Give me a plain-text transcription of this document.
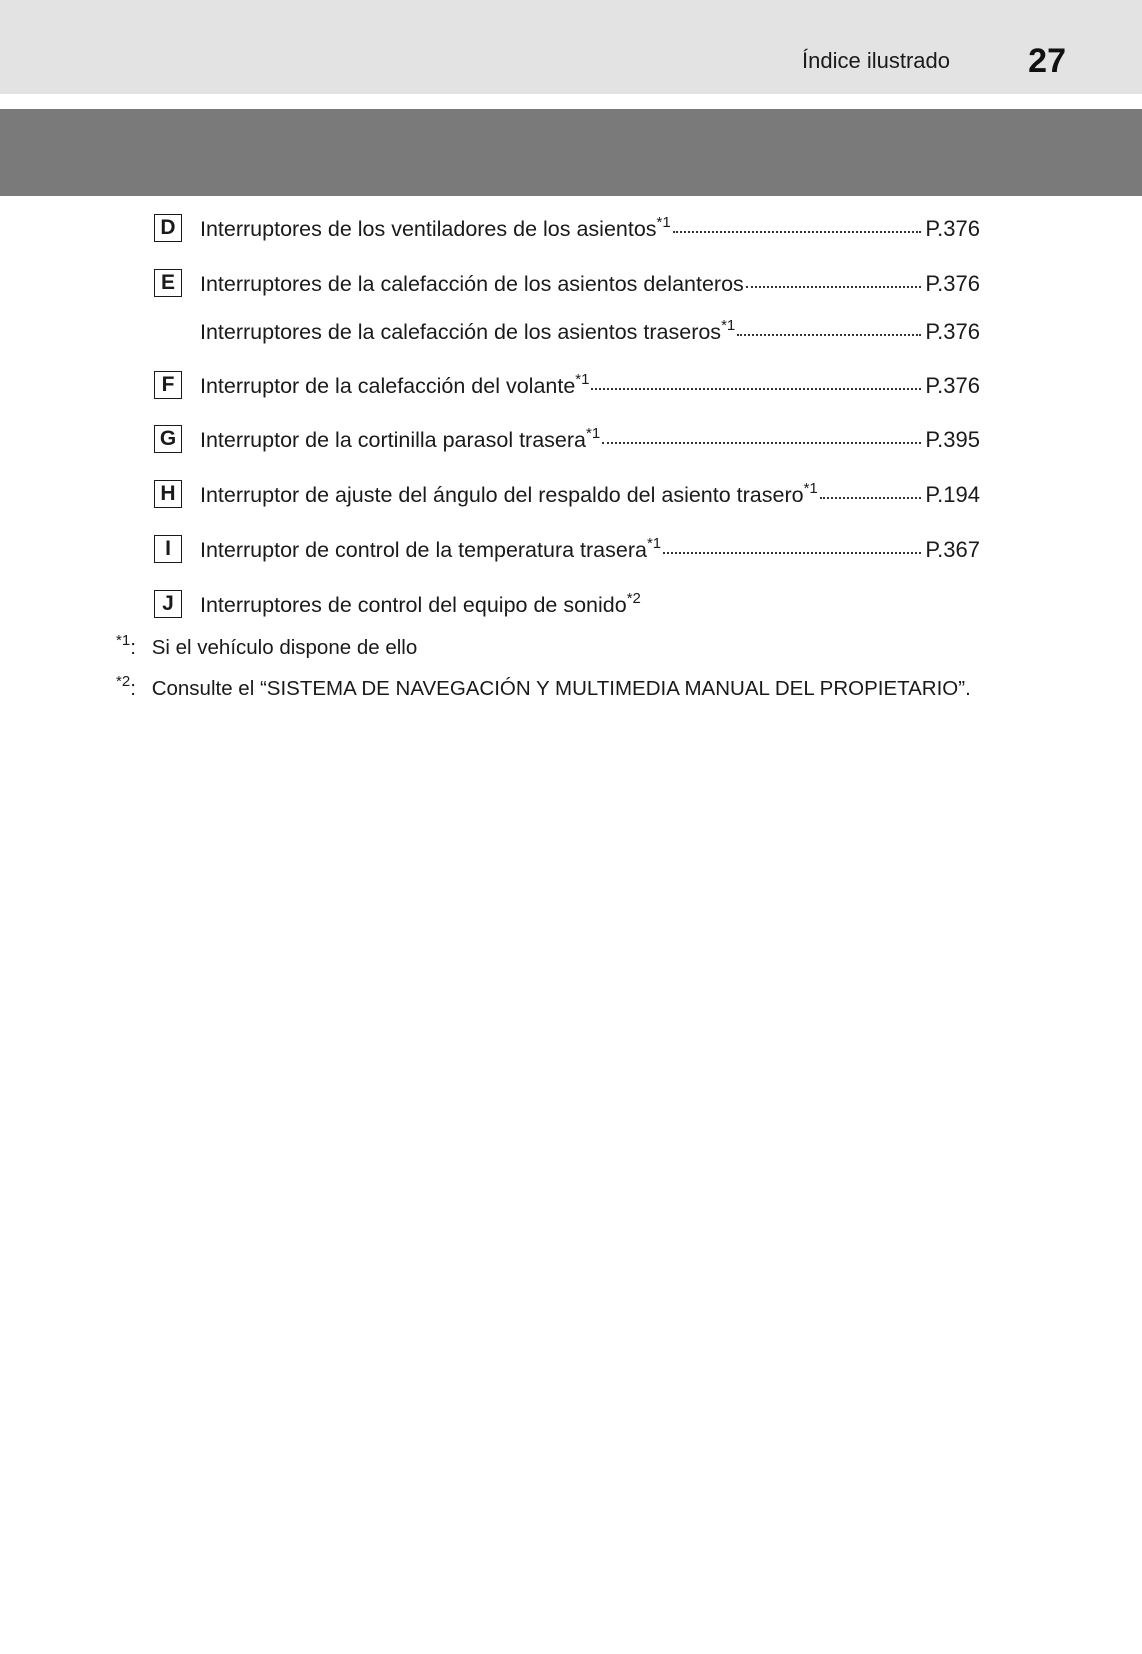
Índice ilustrado 27
D Interruptores de los ventiladores de los asientos$^{*1}$	P.376
E	Interruptores de la calefacción de los asientos delanteros	P.376
Interruptores de la calefacción de los asientos traseros$^{*1}$	P.376
F	Interruptor de la calefacción del volante$^{*1}$	P.376
G Interruptor de la cortinilla parasol trasera$^{*1}$	P.395
H Interruptor de ajuste del ángulo del respaldo del asiento trasero$^{*1}$	P.194
I	Interruptor de control de la temperatura trasera$^{*1}$	P.367
J	Interruptores de control del equipo de sonido$^{*2}$
$^{*1}$: Si el vehículo dispone de ello
$^{*2}$: Consulte el “SISTEMA DE NAVEGACIÓN Y MULTIMEDIA MANUAL DEL PROPIETARIO”.
